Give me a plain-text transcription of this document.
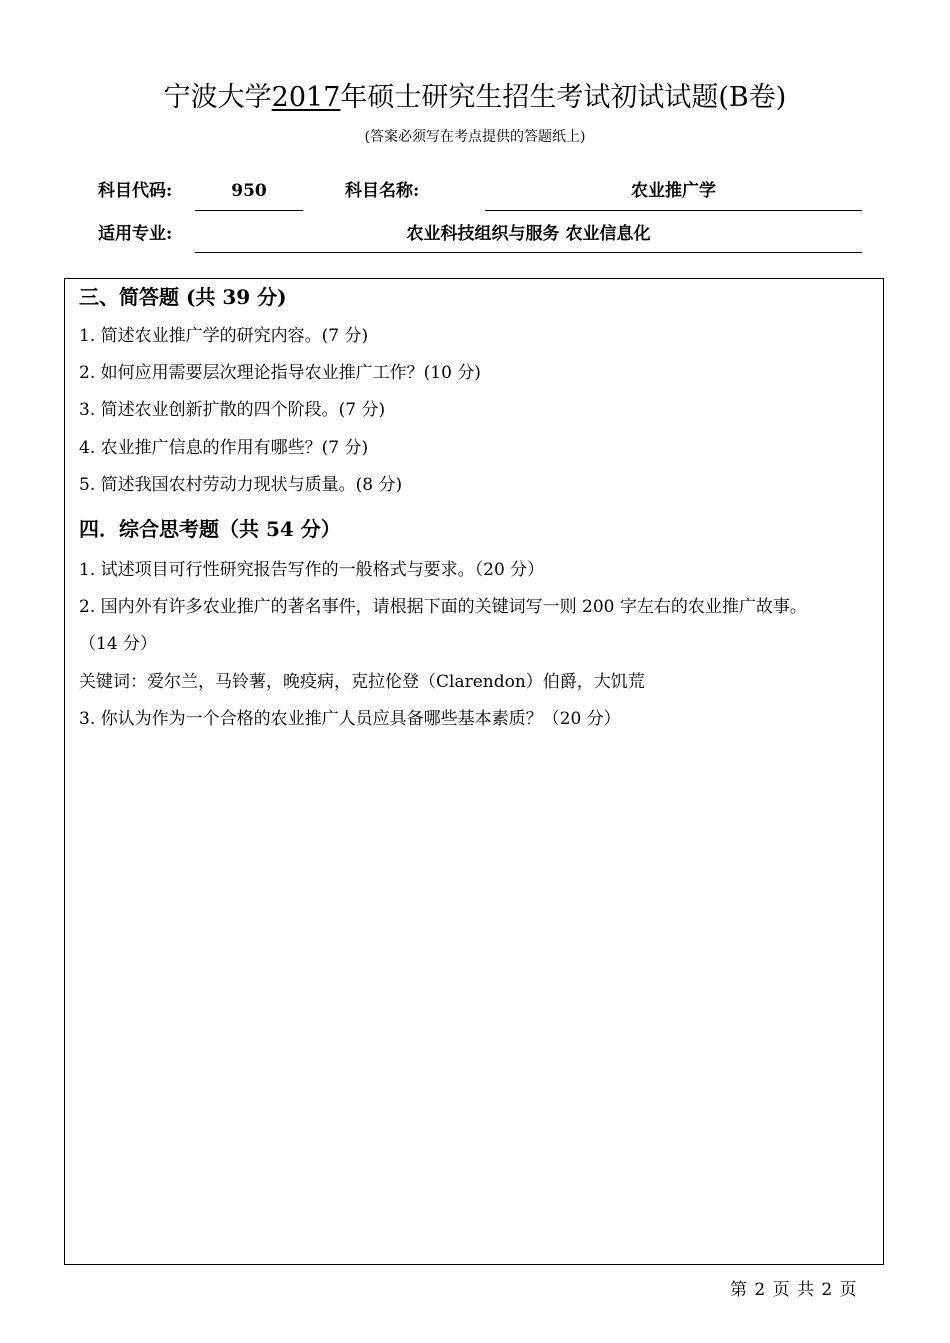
宁波大学2017年硕士研究生招生考试初试试题(B卷)
(答案必须写在考点提供的答题纸上)
科目代码:	950	科目名称:	农业推广学
适用专业:	农业科技组织与服务 农业信息化
三、简答题 (共 39 分)
1. 简述农业推广学的研究内容。(7 分)
2. 如何应用需要层次理论指导农业推广工作？(10 分)
3. 简述农业创新扩散的四个阶段。(7 分)
4. 农业推广信息的作用有哪些？(7 分)
5. 简述我国农村劳动力现状与质量。(8 分)
四．综合思考题（共 54 分）
1. 试述项目可行性研究报告写作的一般格式与要求。（20 分）
2. 国内外有许多农业推广的著名事件，请根据下面的关键词写一则 200 字左右的农业推广故事。
（14 分）
关键词：爱尔兰，马铃薯，晚疫病，克拉伦登（Clarendon）伯爵，大饥荒
3. 你认为作为一个合格的农业推广人员应具备哪些基本素质？（20 分）
第 2 页 共 2 页
